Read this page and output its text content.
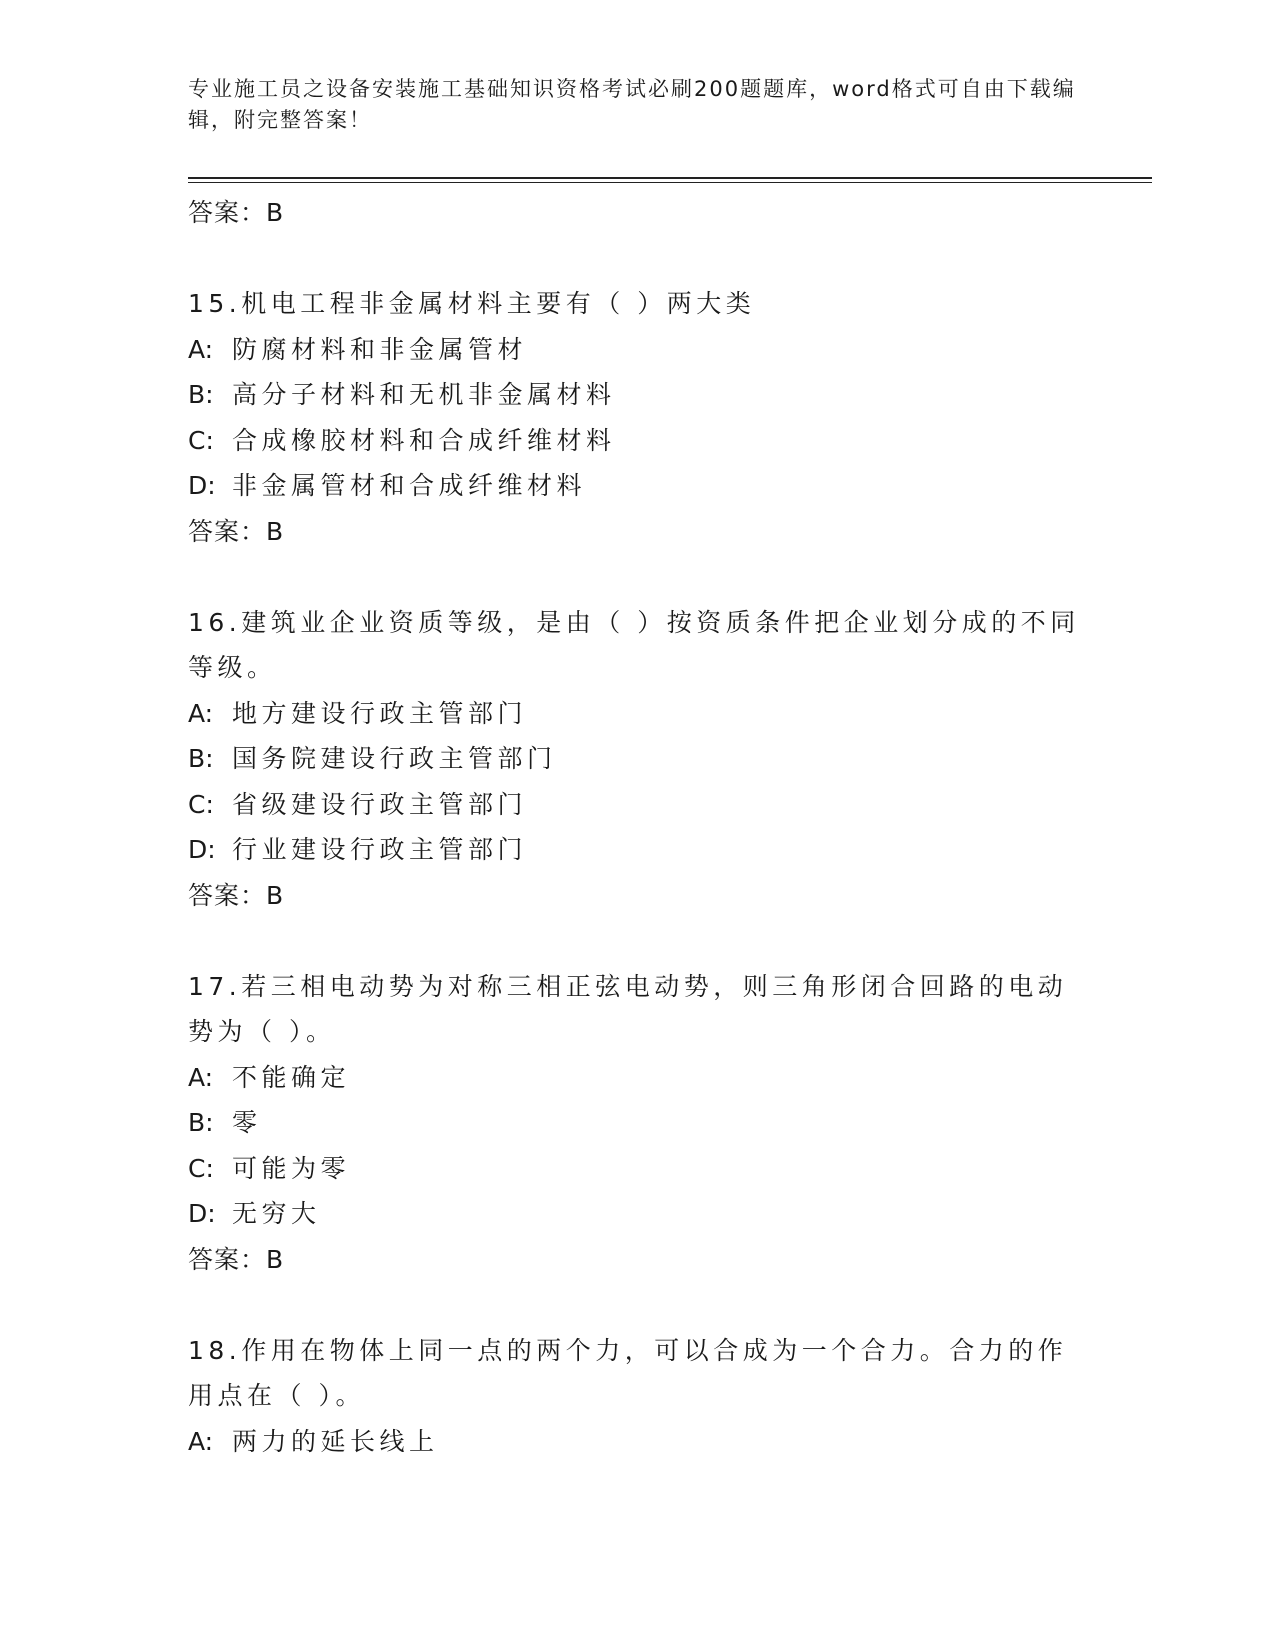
专业施工员之设备安装施工基础知识资格考试必刷200题题库，word格式可自由下载编辑，附完整答案！
答案：B
15.机电工程非金属材料主要有（ ）两大类
A: 防腐材料和非金属管材
B: 高分子材料和无机非金属材料
C: 合成橡胶材料和合成纤维材料
D: 非金属管材和合成纤维材料
答案：B
16.建筑业企业资质等级，是由（ ）按资质条件把企业划分成的不同等级。
A: 地方建设行政主管部门
B: 国务院建设行政主管部门
C: 省级建设行政主管部门
D: 行业建设行政主管部门
答案：B
17.若三相电动势为对称三相正弦电动势，则三角形闭合回路的电动势为（ ）。
A: 不能确定
B: 零
C: 可能为零
D: 无穷大
答案：B
18.作用在物体上同一点的两个力，可以合成为一个合力。合力的作用点在（ ）。
A: 两力的延长线上
